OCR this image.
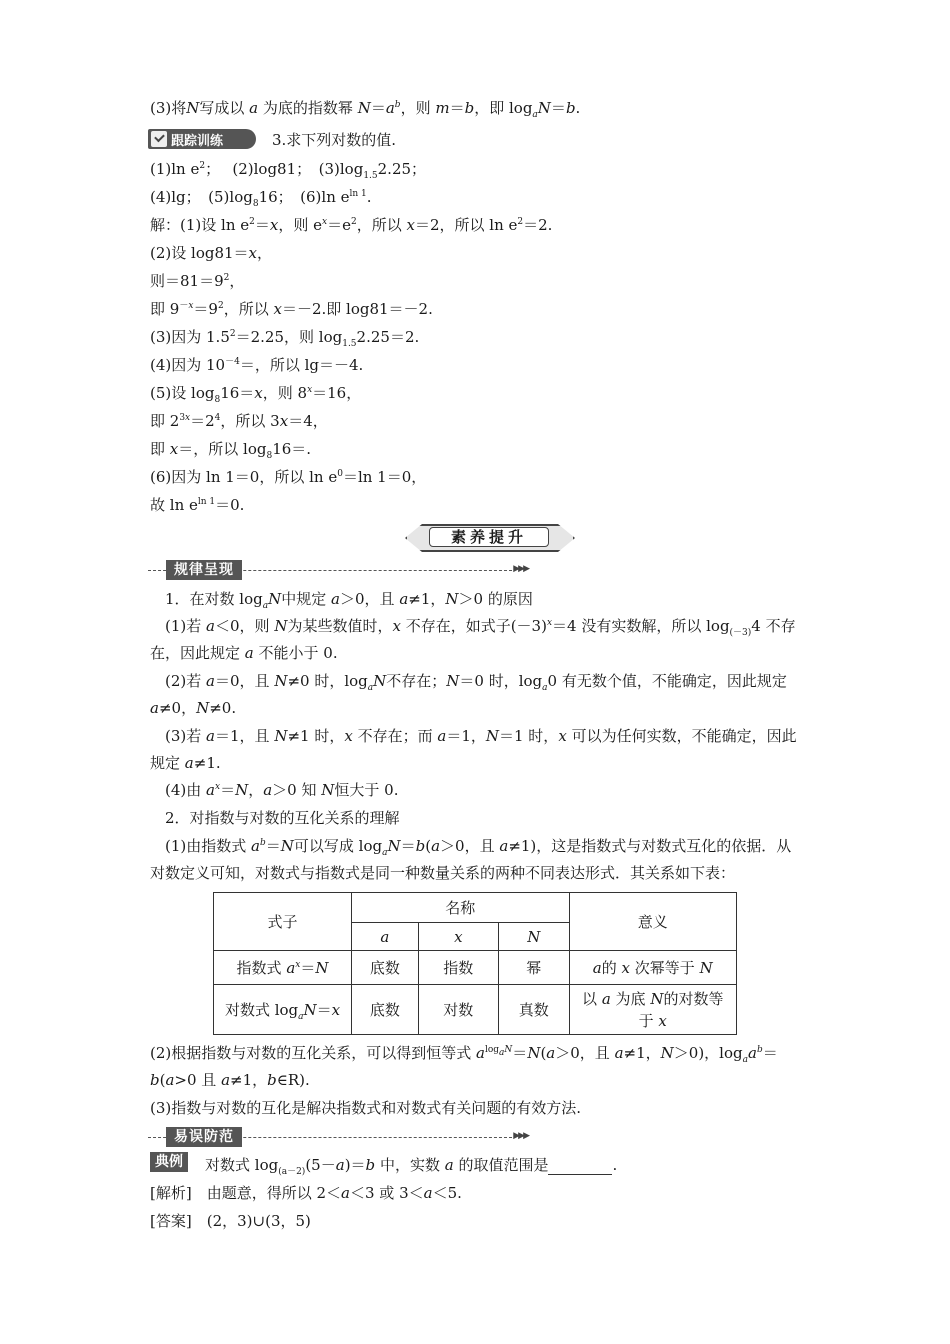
(3)将N写成以 a 为底的指数幂 $N=a^b$，则 m＝b，即 $\log_aN=b$.
跟踪训练	3.求下列对数的值.
(1)ln $e^2$；　 (2)log81；　$(3)\log_{1.5}2.25$；
(4)lg；　$(5)\log_816$；　(6)ln $e^{ln 1}$.
解：(1)设 $\ln e^2=x$，则 $e^x=e^2$，所以 x＝2，所以 $\ln e^2=2$.
(2)设 log81＝x，
则$=81=9^2$，
即 $9^{-x}=9^2$，所以 x＝－2.即 log81＝－2.
(3)因为 $1.5^2=2.25$，则 $\log_{1.5}2.25=2$.
(4)因为 $10^{-4}=$，所以 lg＝－4.
(5)设 $\log_816=x$，则 $8^x=16$，
即 $2^{3x}=2^4$，所以 3x＝4，
即 x＝，所以 $\log_816=$.
(6)因为 ln 1＝0，所以 $\ln e^0=\ln$ 1＝0，
故 $\ln e^{ln 1}=0$.
素养提升
规律呈现	▶▶▶
1．在对数 $\log_aN$中规定 a＞0，且 a≠1，N＞0 的原因
(1)若 a＜0，则 N为某些数值时，x 不存在，如式子$(-3)^x=4$ 没有实数解，所以 $\log_{(-3)}4$ 不存
在，因此规定 a 不能小于 0.
(2)若 a＝0，且 N≠0 时，$\log_aN$不存在；N＝0 时，$\log_a0$ 有无数个值，不能确定，因此规定
a≠0，N≠0.
(3)若 a＝1，且 N≠1 时，x 不存在；而 a＝1，N＝1 时，x 可以为任何实数，不能确定，因此
规定 a≠1.
(4)由 $a^x=N$，a＞0 知 N恒大于 0.
2．对指数与对数的互化关系的理解
(1)由指数式 $a^b=N$可以写成 $\log_aN=b(a>0$，且 a≠1)，这是指数式与对数式互化的依据．从
对数定义可知，对数式与指数式是同一种数量关系的两种不同表达形式．其关系如下表：
式子	名称			意义
	a	x	N	
指数式 $a^x=N$	底数	指数	幂	a的 x 次幂等于 N
对数式 $\log_aN=x$	底数	对数	真数	以 a 为底 N的对数等
于 x
(2)根据指数与对数的互化关系，可以得到恒等式 $a^{log_aN}=N(a>0$，且 a≠1，N＞0)，$\log_aa^b=$
b(a>0 且 a≠1，b∈R).
(3)指数与对数的互化是解决指数式和对数式有关问题的有效方法.
易误防范	▶▶▶
典例	对数式 $\log_{(a-2)}(5-a)=b$ 中，实数 a 的取值范围是	.
[解析]　由题意，得所以 2＜a＜3 或 3＜a＜5.
[答案]　 (2，3)∪(3，5)
